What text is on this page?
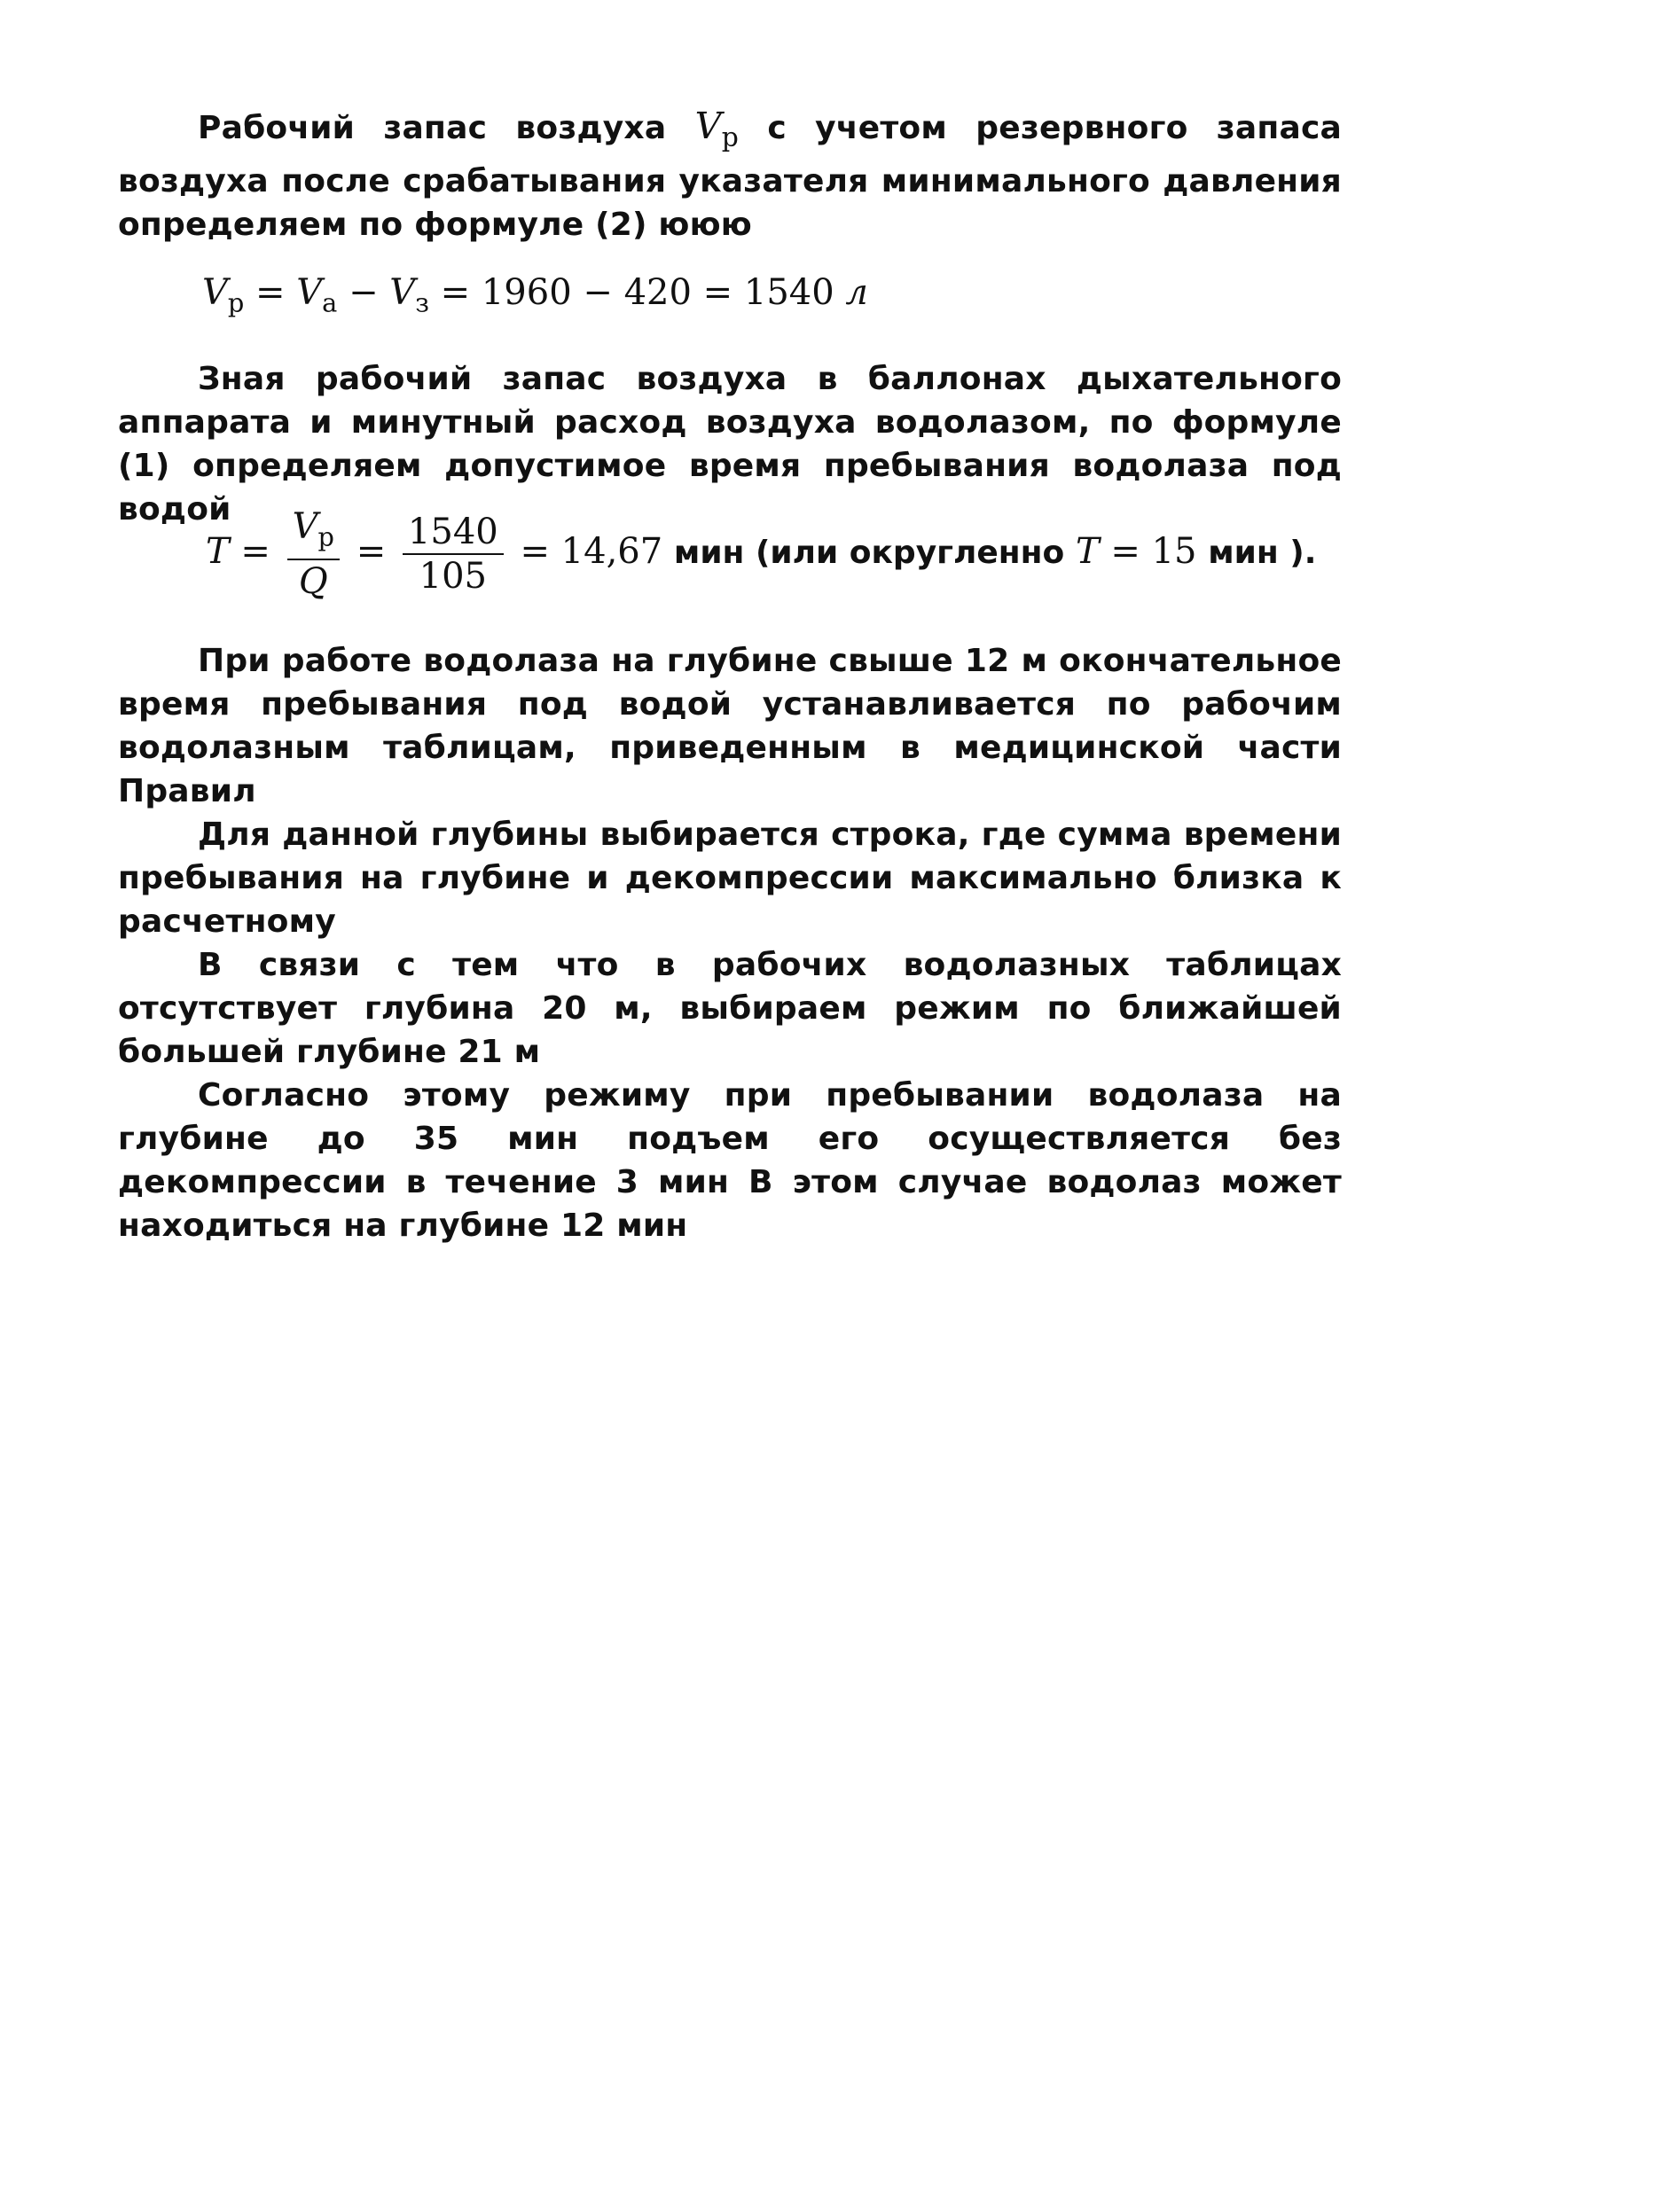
Рабочий запас воздуха $V_p$ с учетом резервного запаса воздуха после срабатывания указателя минимального давления определяем по формуле (2) ююю

$V_p = V_a - V_з = 1960 - 420 = 1540$ л

Зная рабочий запас воздуха в баллонах дыхательного аппарата и минутный расход воздуха водолазом, по формуле (1) определяем допустимое время пребывания водолаза под водой

$T = \frac{V_p}{Q} = \frac{1540}{105} = 14,67$ мин (или округленно T = 15 мин ).

При работе водолаза на глубине свыше 12 м окончательное время пребывания под водой устанавливается по рабочим водолазным таблицам, приведенным в медицинской части Правил

Для данной глубины выбирается строка, где сумма времени пребывания на глубине и декомпрессии максимально близка к расчетному

В связи с тем что в рабочих водолазных таблицах отсутствует глубина 20 м, выбираем режим по ближайшей большей глубине 21 м

Согласно этому режиму при пребывании водолаза на глубине до 35 мин подъем его осуществляется без декомпрессии в течение 3 мин В этом случае водолаз может находиться на глубине 12 мин
